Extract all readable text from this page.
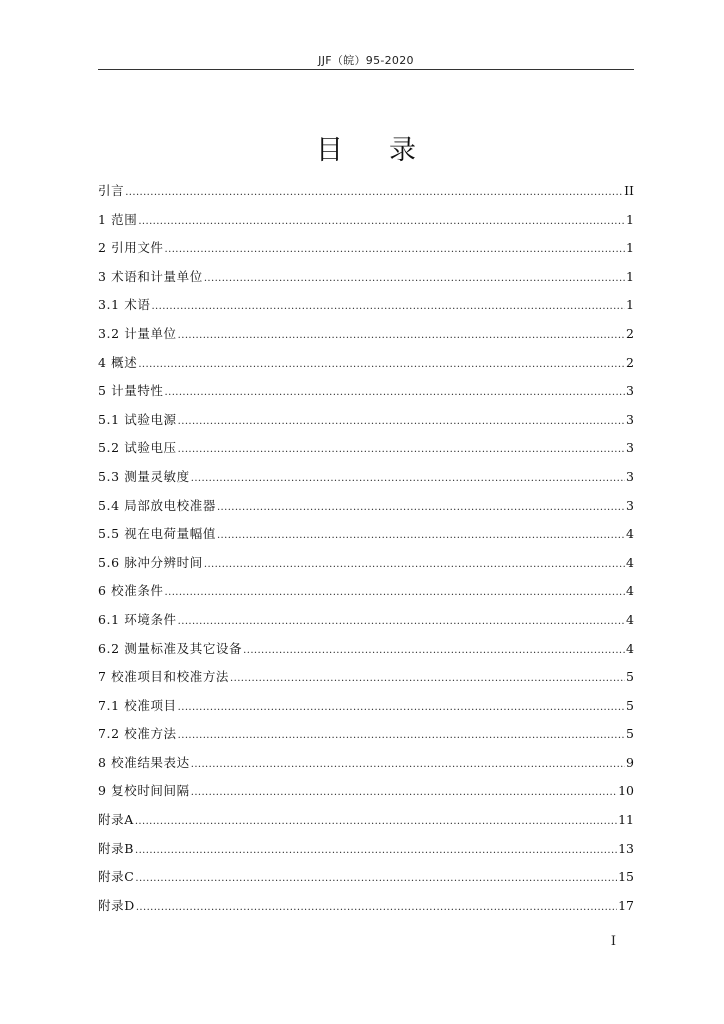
JJF（皖）95-2020
目 录
引言 .....	II
1 范围 .....	1
2 引用文件 .....	1
3 术语和计量单位 .....	1
3.1 术语 .....	1
3.2 计量单位 .....	2
4 概述 .....	2
5 计量特性 .....	3
5.1 试验电源 .....	3
5.2 试验电压 .....	3
5.3 测量灵敏度 .....	3
5.4 局部放电校准器 .....	3
5.5 视在电荷量幅值 .....	4
5.6 脉冲分辨时间 .....	4
6 校准条件 .....	4
6.1 环境条件 .....	4
6.2 测量标准及其它设备 .....	4
7 校准项目和校准方法 .....	5
7.1 校准项目 .....	5
7.2 校准方法 .....	5
8 校准结果表达 .....	9
9 复校时间间隔 .....	10
附录A .....	11
附录B .....	13
附录C .....	15
附录D .....	17
I
